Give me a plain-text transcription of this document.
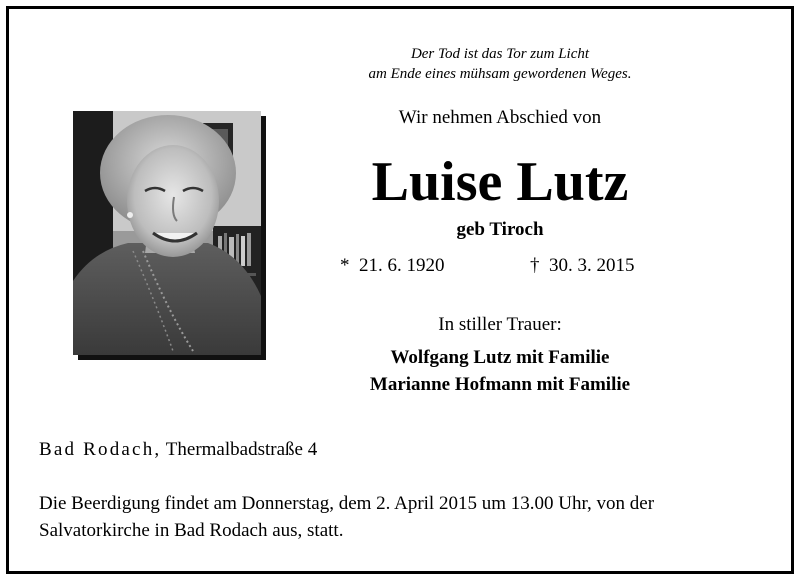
Der Tod ist das Tor zum Licht
am Ende eines mühsam gewordenen Weges.
Wir nehmen Abschied von
Luise Lutz
geb Tiroch
* 21. 6. 1920	† 30. 3. 2015
In stiller Trauer:
Wolfgang Lutz mit Familie
Marianne Hofmann mit Familie
Bad Rodach, Thermalbadstraße 4
Die Beerdigung findet am Donnerstag, dem 2. April 2015 um 13.00 Uhr, von der
Salvatorkirche in Bad Rodach aus, statt.
